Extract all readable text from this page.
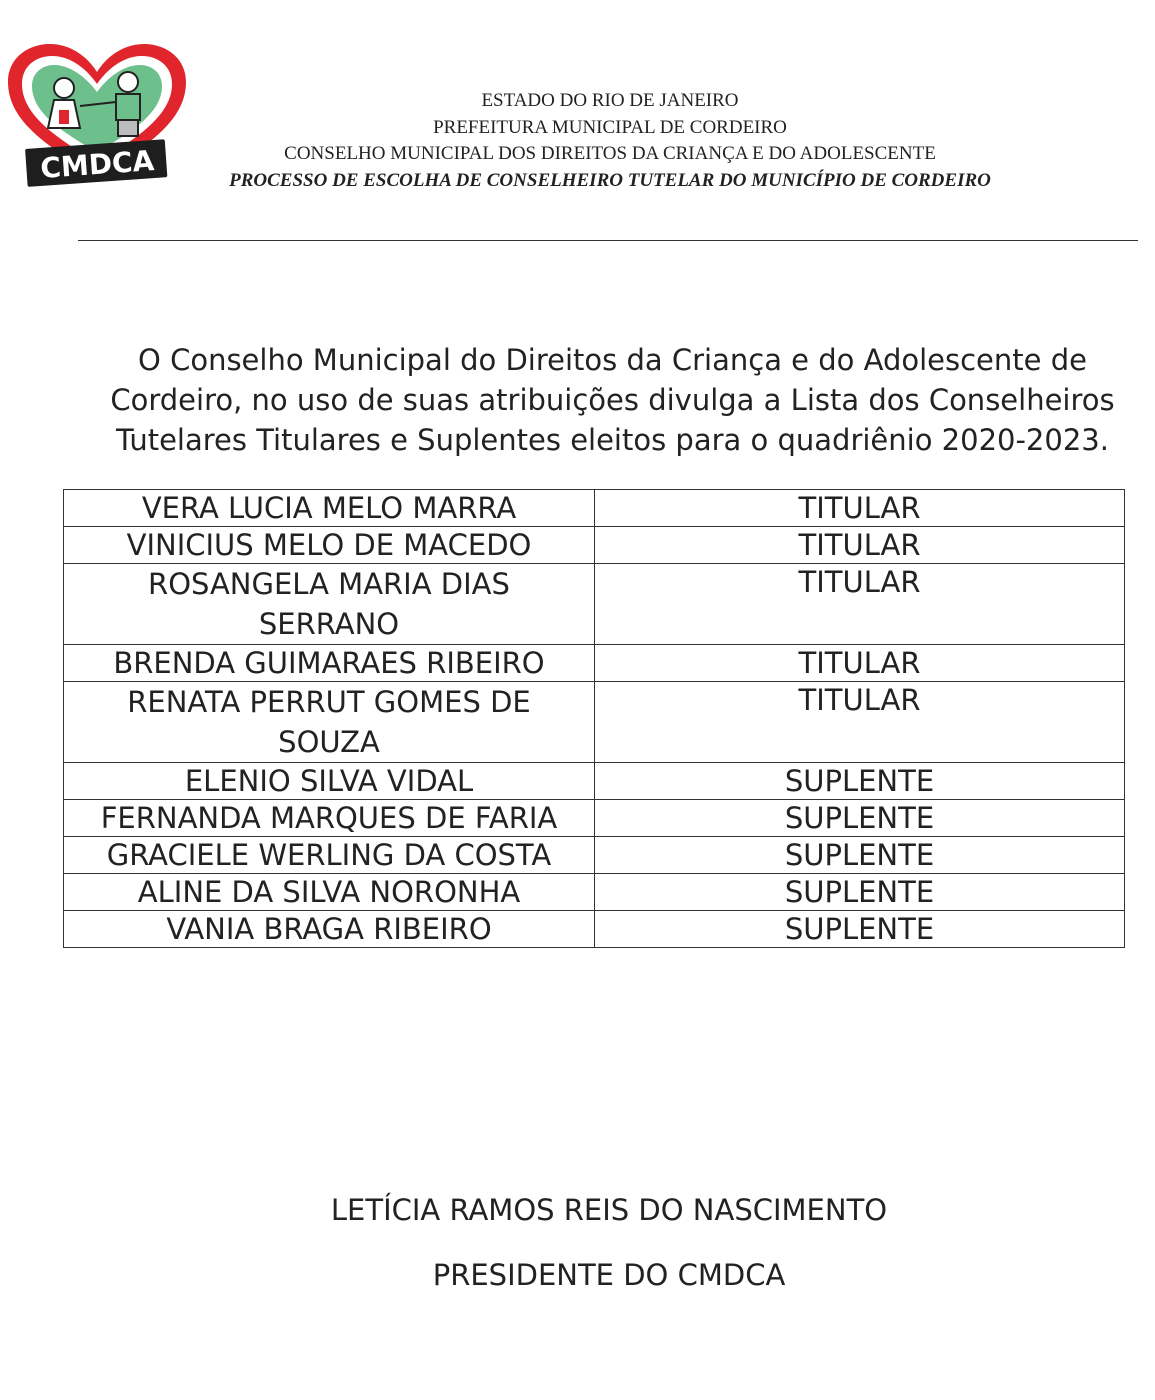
CMDCA
ESTADO DO RIO DE JANEIRO
PREFEITURA MUNICIPAL DE CORDEIRO
CONSELHO MUNICIPAL DOS DIREITOS DA CRIANÇA E DO ADOLESCENTE
PROCESSO DE ESCOLHA DE CONSELHEIRO TUTELAR DO MUNICÍPIO DE CORDEIRO
O Conselho Municipal do Direitos da Criança e do Adolescente de
Cordeiro, no uso de suas atribuições divulga a Lista dos Conselheiros
Tutelares Titulares e Suplentes eleitos para o quadriênio 2020-2023.
VERA LUCIA MELO MARRA	TITULAR
VINICIUS MELO DE MACEDO	TITULAR

ROSANGELA MARIA DIAS
SERRANO	TITULAR
BRENDA GUIMARAES RIBEIRO	TITULAR

RENATA PERRUT GOMES DE
SOUZA	TITULAR
ELENIO SILVA VIDAL	SUPLENTE
FERNANDA MARQUES DE FARIA	SUPLENTE
GRACIELE WERLING DA COSTA	SUPLENTE
ALINE DA SILVA NORONHA	SUPLENTE
VANIA BRAGA RIBEIRO	SUPLENTE
LETÍCIA RAMOS REIS DO NASCIMENTO
PRESIDENTE DO CMDCA
